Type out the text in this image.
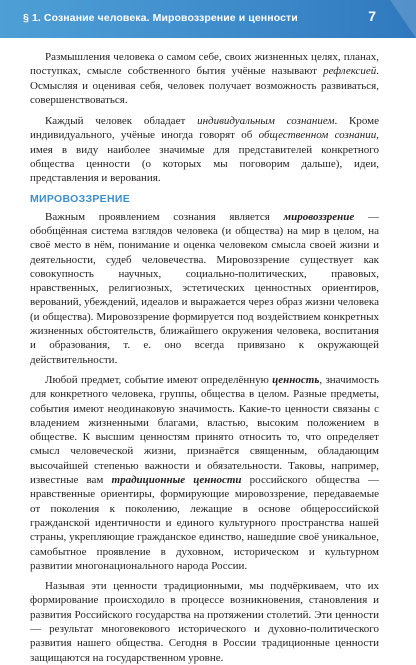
§ 1. Сознание человека. Мировоззрение и ценности	7

Размышления человека о самом себе, своих жизненных целях, планах, поступках, смысле собственного бытия учёные называют рефлексией. Осмысляя и оценивая себя, человек получает возможность развиваться, совершенствоваться.

Каждый человек обладает индивидуальным сознанием. Кроме индивидуального, учёные иногда говорят об общественном сознании, имея в виду наиболее значимые для представителей конкретного общества ценности (о которых мы поговорим дальше), идеи, представления и верования.

МИРОВОЗЗРЕНИЕ

Важным проявлением сознания является мировоззрение — обобщённая система взглядов человека (и общества) на мир в целом, на своё место в нём, понимание и оценка человеком смысла своей жизни и деятельности, судеб человечества. Мировоззрение существует как совокупность научных, социально-политических, правовых, нравственных, религиозных, эстетических ценностных ориентиров, верований, убеждений, идеалов и выражается через образ жизни человека (и общества). Мировоззрение формируется под воздействием конкретных жизненных обстоятельств, ближайшего окружения человека, воспитания и образования, т. е. оно всегда привязано к окружающей действительности.

Любой предмет, событие имеют определённую ценность, значимость для конкретного человека, группы, общества в целом. Разные предметы, события имеют неодинаковую значимость. Какие-то ценности связаны с владением жизненными благами, властью, высоким положением в обществе. К высшим ценностям принято относить то, что определяет смысл человеческой жизни, признаётся священным, обладающим высочайшей степенью важности и обязательности. Таковы, например, известные вам традиционные ценности российского общества — нравственные ориентиры, формирующие мировоззрение, передаваемые от поколения к поколению, лежащие в основе общероссийской гражданской идентичности и единого культурного пространства нашей страны, укрепляющие гражданское единство, нашедшие своё уникальное, самобытное проявление в духовном, историческом и культурном развитии многонационального народа России.

Называя эти ценности традиционными, мы подчёркиваем, что их формирование происходило в процессе возникновения, становления и развития Российского государства на протяжении столетий. Эти ценности — результат многовекового исторического и духовно-политического развития нашего общества. Сегодня в России традиционные ценности защищаются на государственном уровне.
